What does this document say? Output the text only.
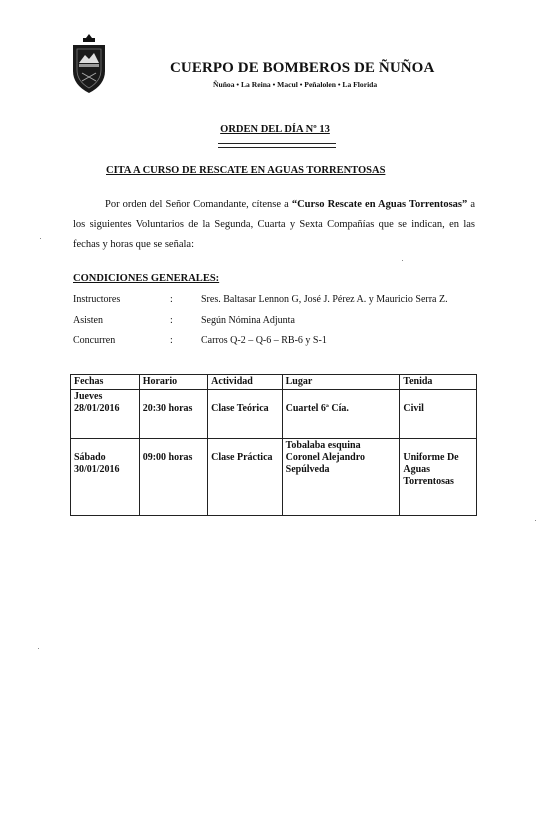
CUERPO DE BOMBEROS DE ÑUÑOA
Ñuñoa • La Reina • Macul • Peñalolen • La Florida
ORDEN DEL DÍA Nº 13
CITA A CURSO DE RESCATE EN AGUAS TORRENTOSAS
Por orden del Señor Comandante, cítense a “Curso Rescate en Aguas Torrentosas” a los siguientes Voluntarios de la Segunda, Cuarta y Sexta Compañías que se indican, en las fechas y horas que se señala:
CONDICIONES GENERALES:
Instructores	:	Sres. Baltasar Lennon G, José J. Pérez A. y Mauricio Serra Z.
Asisten	:	Según Nómina Adjunta
Concurren	:	Carros Q-2 – Q-6 – RB-6 y S-1
Fechas	Horario	Actividad	Lugar	Tenida
Jueves
28/01/2016	20:30 horas	Clase Teórica	Cuartel 6ª Cía.	Civil

Sábado
30/01/2016	09:00 horas	Clase Práctica	Tobalaba esquina Coronel Alejandro Sepúlveda	Uniforme De Aguas Torrentosas
